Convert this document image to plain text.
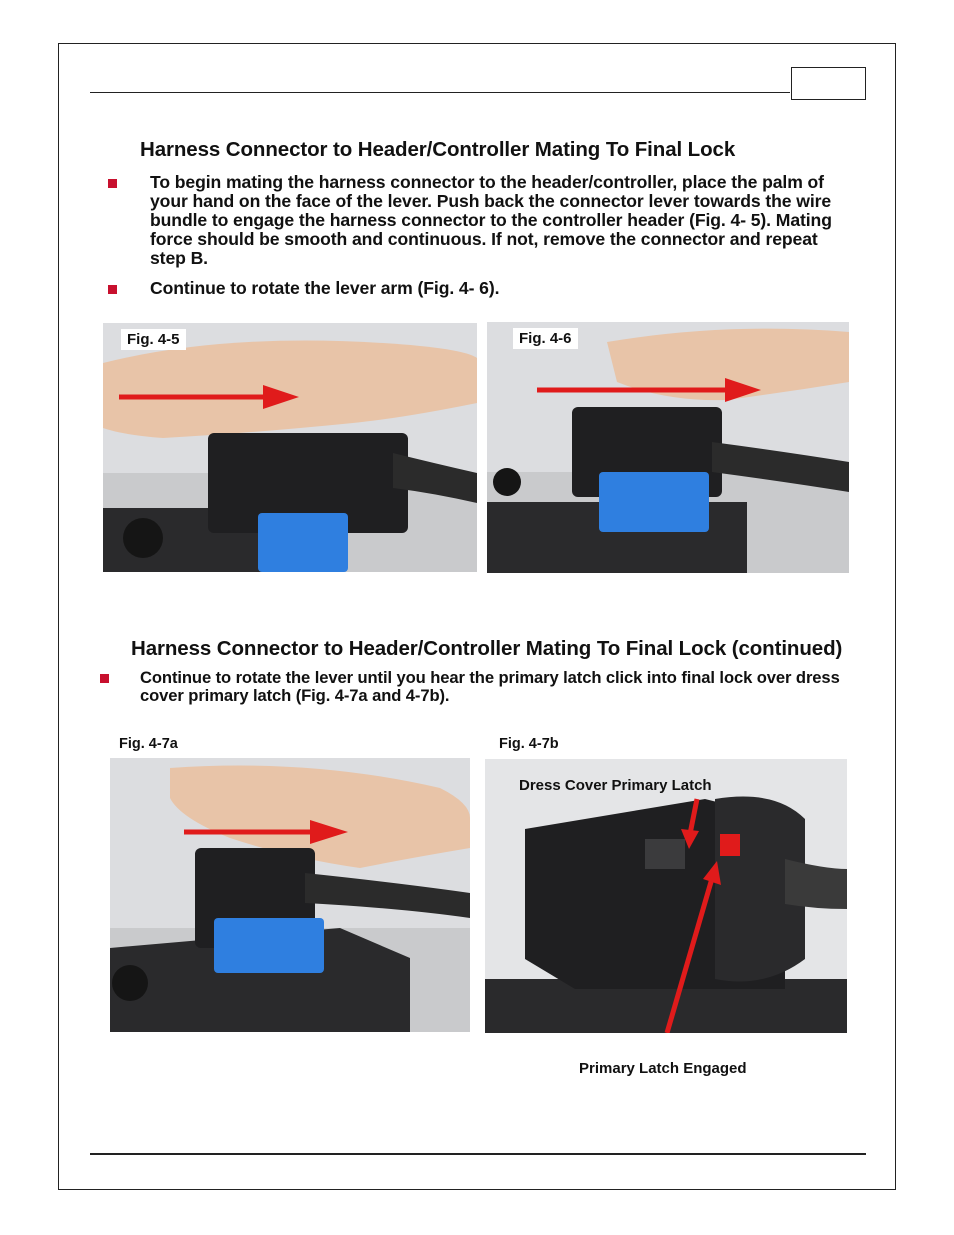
Harness Connector to Header/Controller Mating To Final Lock
To begin mating the harness connector to the header/controller, place the palm of your hand on the face of the lever. Push back the connector lever towards the wire bundle to engage the harness connector to the controller header (Fig. 4- 5). Mating force should be smooth and continuous. If not, remove the connector and repeat step B.
Continue to rotate the lever arm (Fig. 4- 6).
Fig. 4-5	Fig. 4-6
Harness Connector to Header/Controller Mating To Final Lock (continued)
Continue to rotate the lever until you hear the primary latch click into final lock over dress cover primary latch (Fig. 4-7a and 4-7b).
Fig. 4-7a	Fig. 4-7b
Dress Cover Primary Latch
Primary Latch Engaged
